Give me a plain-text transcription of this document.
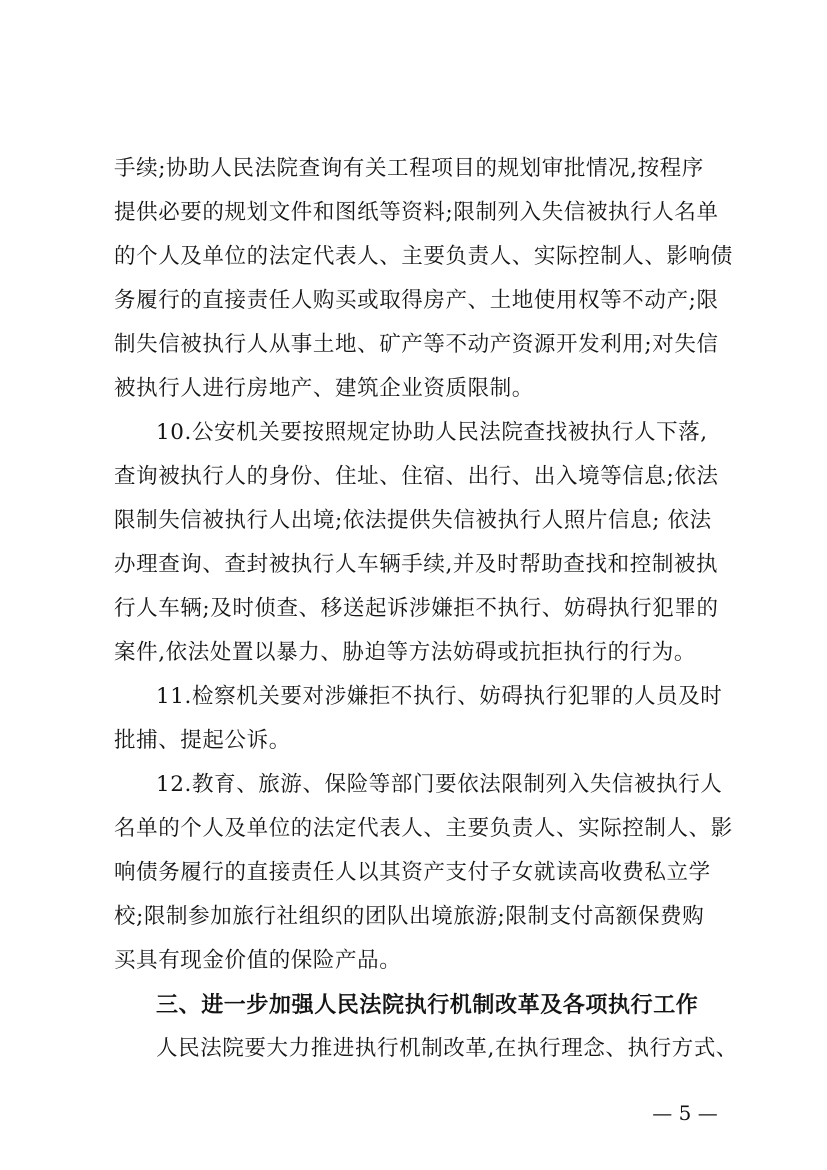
手续;协助人民法院查询有关工程项目的规划审批情况,按程序
提供必要的规划文件和图纸等资料;限制列入失信被执行人名单
的个人及单位的法定代表人、主要负责人、实际控制人、影响债
务履行的直接责任人购买或取得房产、土地使用权等不动产;限
制失信被执行人从事土地、矿产等不动产资源开发利用;对失信
被执行人进行房地产、建筑企业资质限制。
10.公安机关要按照规定协助人民法院查找被执行人下落,
查询被执行人的身份、住址、住宿、出行、出入境等信息;依法
限制失信被执行人出境;依法提供失信被执行人照片信息; 依法
办理查询、查封被执行人车辆手续,并及时帮助查找和控制被执
行人车辆;及时侦查、移送起诉涉嫌拒不执行、妨碍执行犯罪的
案件,依法处置以暴力、胁迫等方法妨碍或抗拒执行的行为。
11.检察机关要对涉嫌拒不执行、妨碍执行犯罪的人员及时
批捕、提起公诉。
12.教育、旅游、保险等部门要依法限制列入失信被执行人
名单的个人及单位的法定代表人、主要负责人、实际控制人、影
响债务履行的直接责任人以其资产支付子女就读高收费私立学
校;限制参加旅行社组织的团队出境旅游;限制支付高额保费购
买具有现金价值的保险产品。
三、进一步加强人民法院执行机制改革及各项执行工作
人民法院要大力推进执行机制改革,在执行理念、执行方式、
— 5 —
